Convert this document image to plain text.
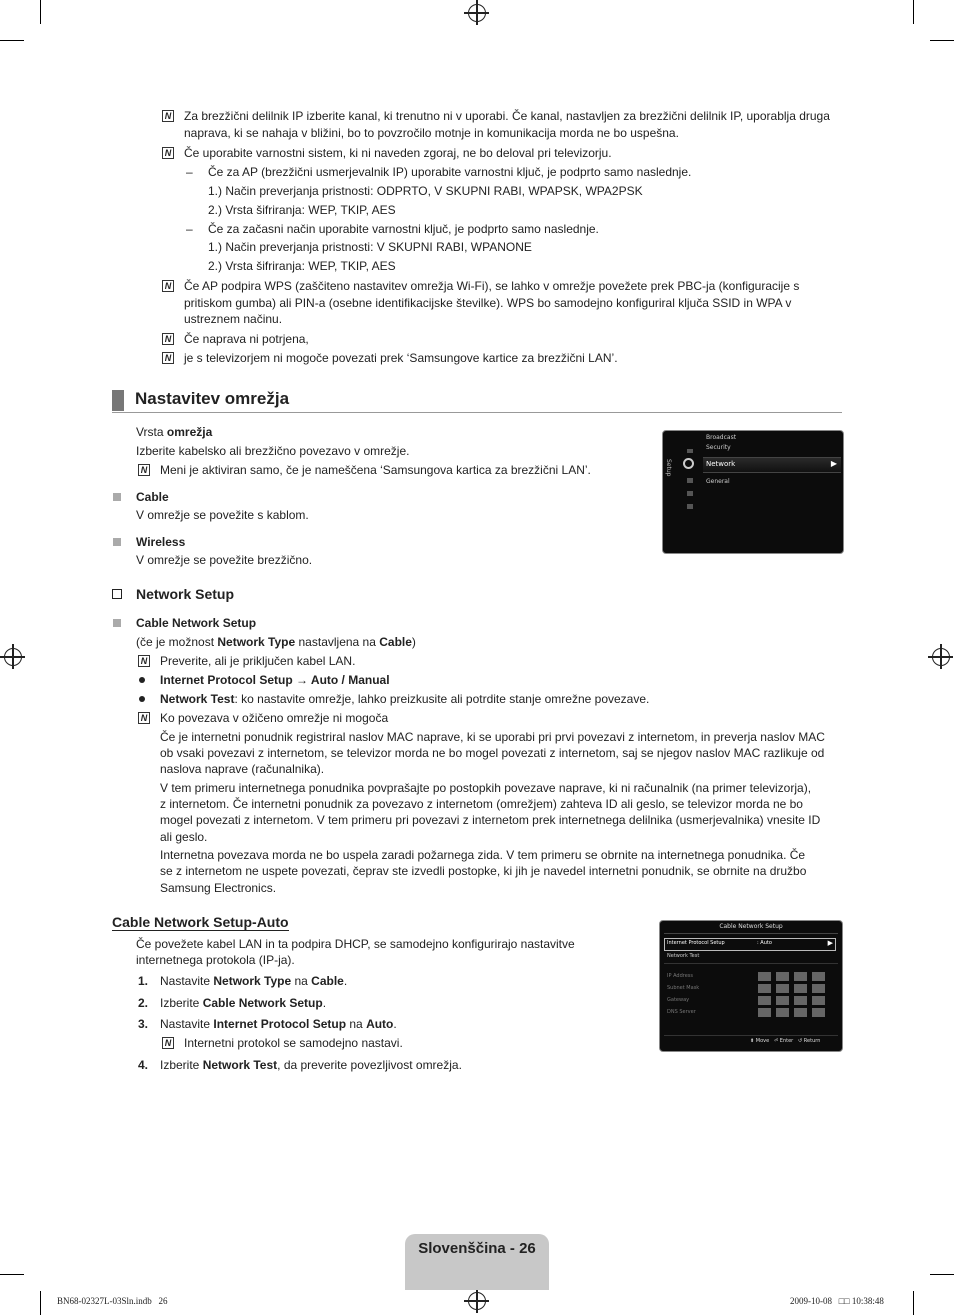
N Za brezžični delilnik IP izberite kanal, ki trenutno ni v uporabi. Če kanal, nastavljen za brezžični delilnik IP, uporablja druga
naprava, ki se nahaja v bližini, bo to povzročilo motnje in komunikacija morda ne bo uspešna.
N Če uporabite varnostni sistem, ki ni naveden zgoraj, ne bo deloval pri televizorju.
– Če za AP (brezžični usmerjevalnik IP) uporabite varnostni ključ, je podprto samo naslednje.
1.) Način preverjanja pristnosti: ODPRTO, V SKUPNI RABI, WPAPSK, WPA2PSK
2.) Vrsta šifriranja: WEP, TKIP, AES
– Če za začasni način uporabite varnostni ključ, je podprto samo naslednje.
1.) Način preverjanja pristnosti: V SKUPNI RABI, WPANONE
2.) Vrsta šifriranja: WEP, TKIP, AES
N Če AP podpira WPS (zaščiteno nastavitev omrežja Wi-Fi), se lahko v omrežje povežete prek PBC-ja (konfiguracije s
pritiskom gumba) ali PIN-a (osebne identifikacijske številke). WPS bo samodejno konfiguriral ključa SSID in WPA v
ustreznem načinu.
N Če naprava ni potrjena,
N je s televizorjem ni mogoče povezati prek ‘Samsungove kartice za brezžični LAN’.
Nastavitev omrežja
Vrsta omrežja
Izberite kabelsko ali brezžično povezavo v omrežje.
N Meni je aktiviran samo, če je nameščena ‘Samsungova kartica za brezžični LAN’.
Cable
V omrežje se povežite s kablom.
Wireless
V omrežje se povežite brezžično.
Setup
Broadcast
Security
Network	▶
General
Network Setup
Cable Network Setup
(če je možnost Network Type nastavljena na Cable)
N Preverite, ali je priključen kabel LAN.
Internet Protocol Setup → Auto / Manual
Network Test: ko nastavite omrežje, lahko preizkusite ali potrdite stanje omrežne povezave.
N Ko povezava v ožičeno omrežje ni mogoča
Če je internetni ponudnik registriral naslov MAC naprave, ki se uporabi pri prvi povezavi z internetom, in preverja naslov MAC
ob vsaki povezavi z internetom, se televizor morda ne bo mogel povezati z internetom, saj se njegov naslov MAC razlikuje od
naslova naprave (računalnika).
V tem primeru internetnega ponudnika povprašajte po postopkih povezave naprave, ki ni računalnik (na primer televizorja),
z internetom. Če internetni ponudnik za povezavo z internetom (omrežjem) zahteva ID ali geslo, se televizor morda ne bo
mogel povezati z internetom. V tem primeru pri povezavi z internetom prek internetnega delilnika (usmerjevalnika) vnesite ID
ali geslo.
Internetna povezava morda ne bo uspela zaradi požarnega zida. V tem primeru se obrnite na internetnega ponudnika. Če
se z internetom ne uspete povezati, čeprav ste izvedli postopke, ki jih je navedel internetni ponudnik, se obrnite na družbo
Samsung Electronics.
Cable Network Setup-Auto
Če povežete kabel LAN in ta podpira DHCP, se samodejno konfigurirajo nastavitve
internetnega protokola (IP-ja).
1. Nastavite Network Type na Cable.
2. Izberite Cable Network Setup.
3. Nastavite Internet Protocol Setup na Auto.
N Internetni protokol se samodejno nastavi.
4. Izberite Network Test, da preverite povezljivost omrežja.
Cable Network Setup
Internet Protocol Setup	: Auto	▶
Network Test
IP Address
Subnet Mask
Gateway
DNS Server
⬍ Move ⏎ Enter ↺ Return
Slovenščina - 26
BN68-02327L-03Sln.indb   26	2009-10-08   □□ 10:38:48
